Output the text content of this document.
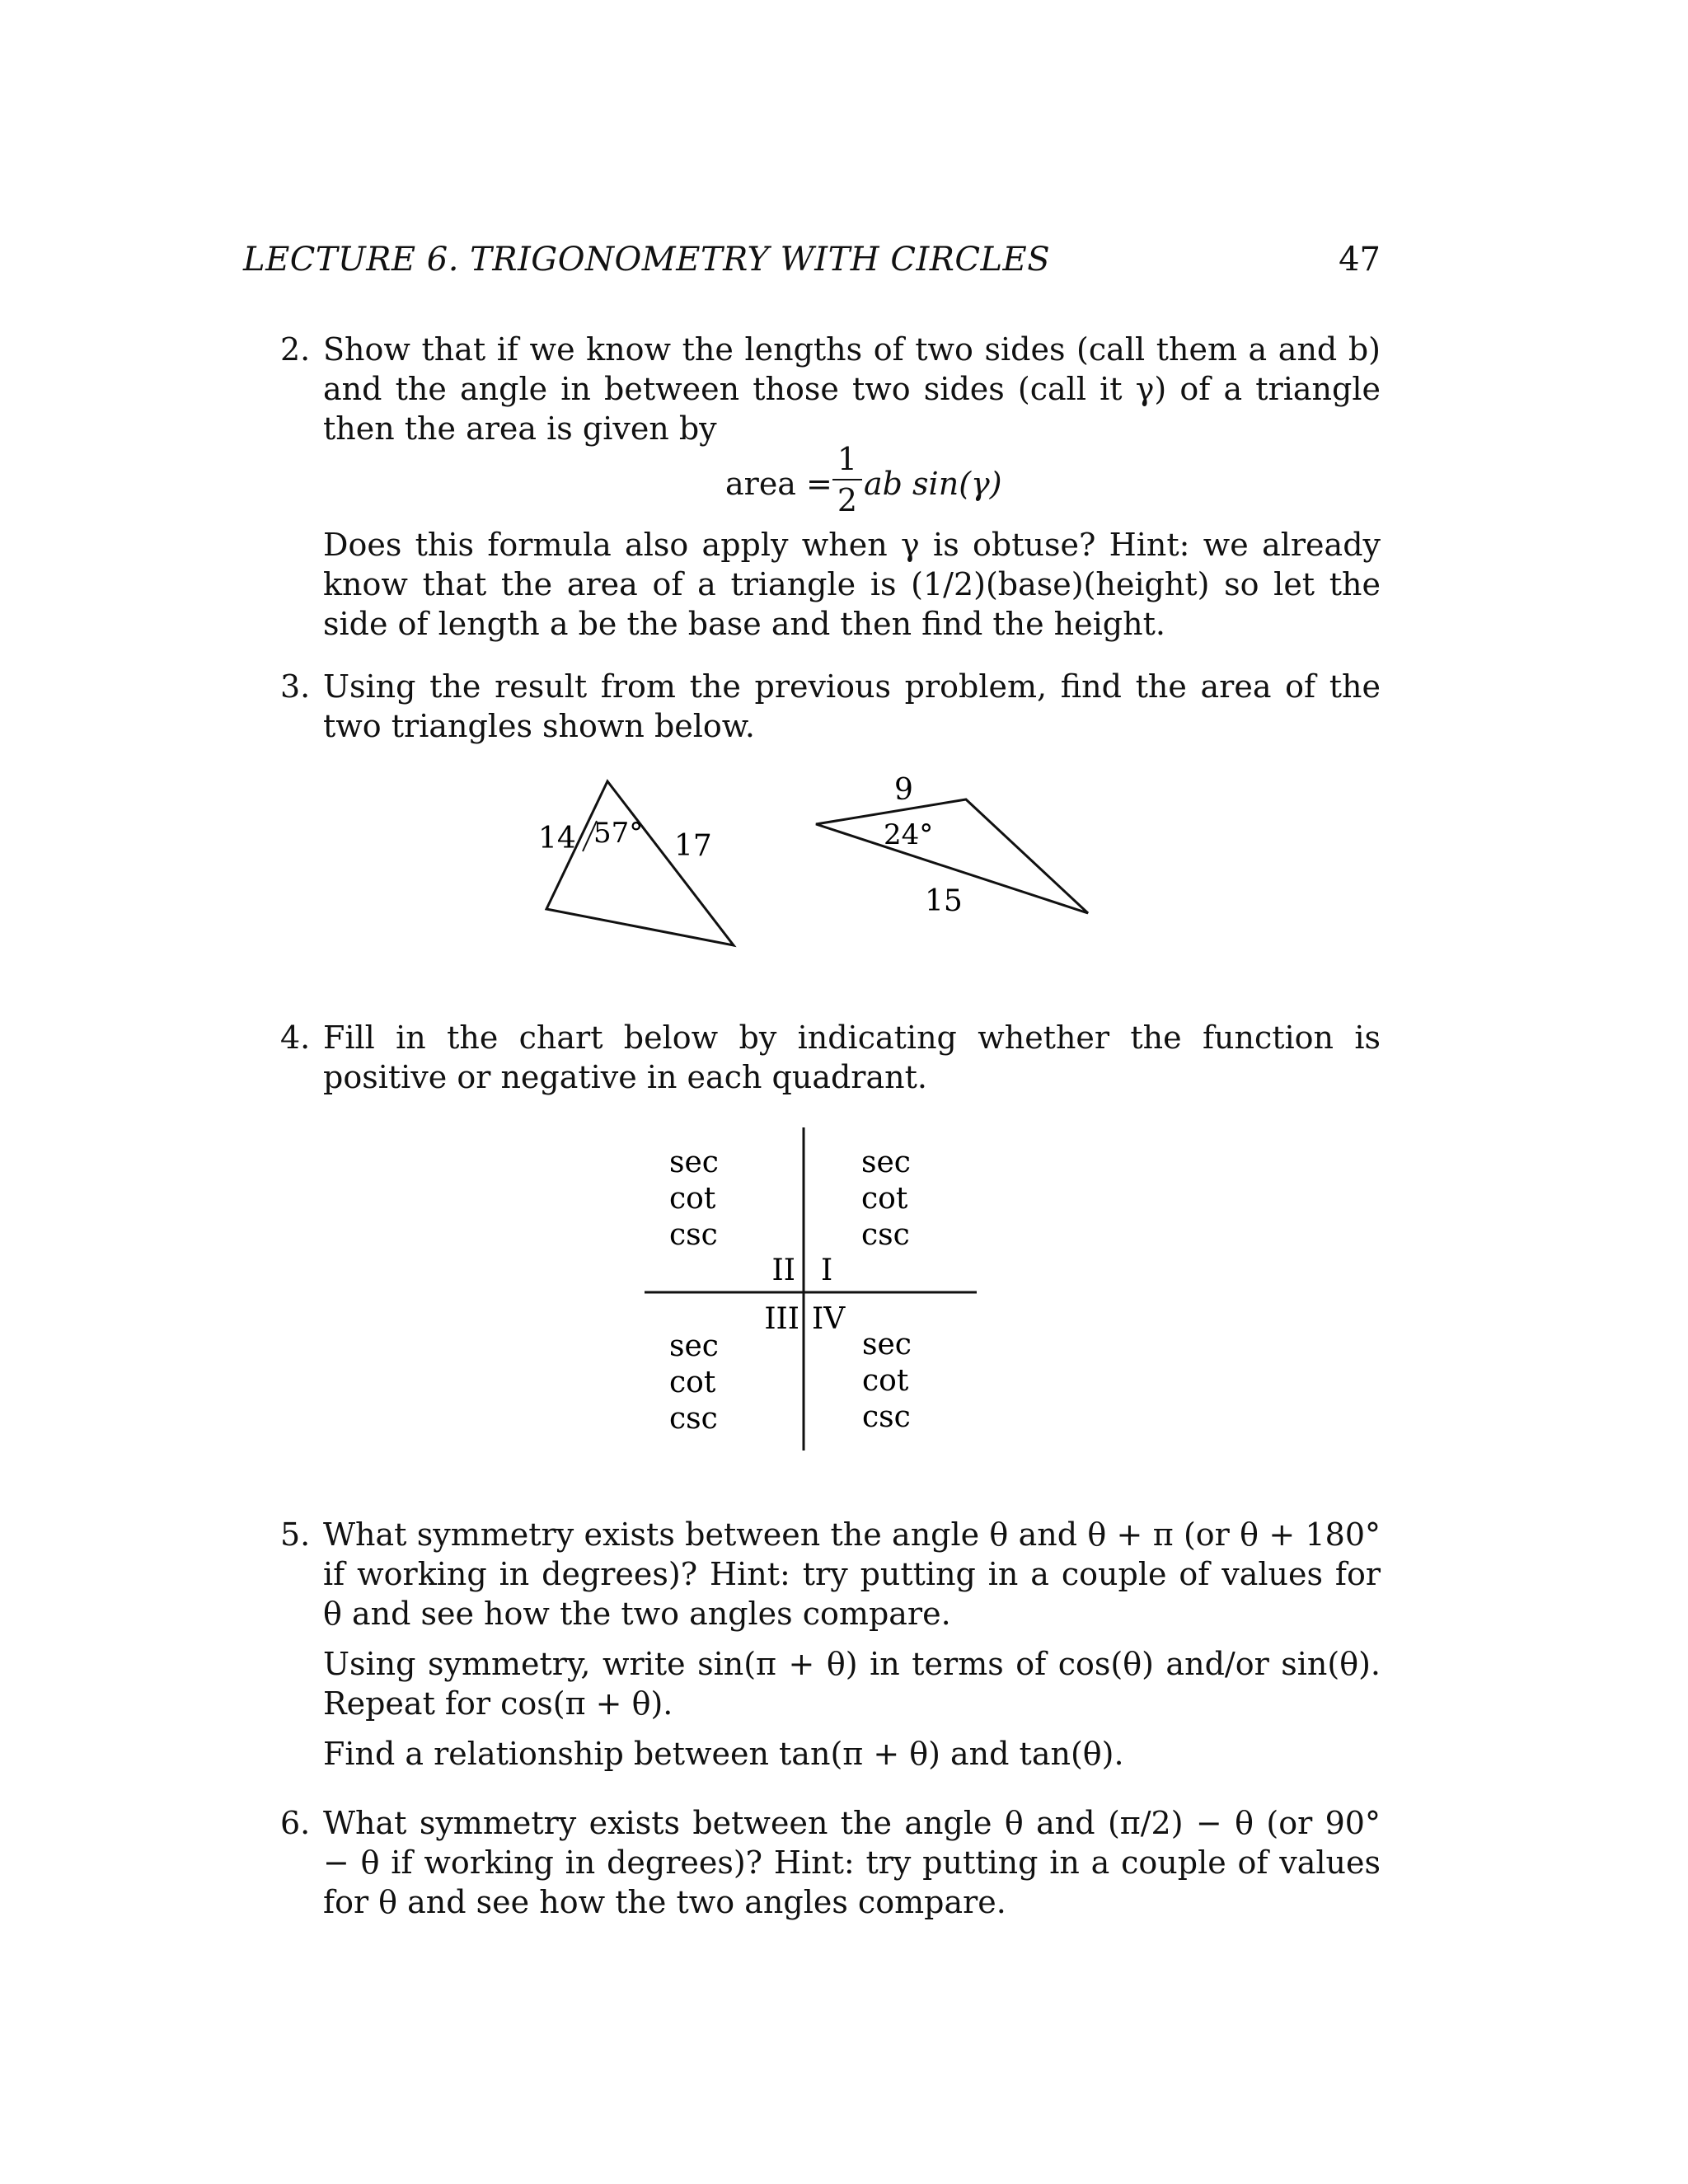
LECTURE 6. TRIGONOMETRY WITH CIRCLES	47
2. Show that if we know the lengths of two sides (call them a and b) and the angle in between those two sides (call it γ) of a triangle then the area is given by
area =
1
2 ab sin(γ)
Does this formula also apply when γ is obtuse? Hint: we already know that the area of a triangle is (1/2)(base)(height) so let the side of length a be the base and then find the height.
3. Using the result from the previous problem, find the area of the two triangles shown below.
14 57° 17
9
24°
15
sec
cot
csc
sec
cot
csc
sec
cot
csc
sec
cot
csc
II I
III IV
4. Fill in the chart below by indicating whether the function is positive or negative in each quadrant.
5. What symmetry exists between the angle θ and θ + π (or θ + 180° if working in degrees)? Hint: try putting in a couple of values for θ and see how the two angles compare.
Using symmetry, write sin(π + θ) in terms of cos(θ) and/or sin(θ). Repeat for cos(π + θ).
Find a relationship between tan(π + θ) and tan(θ).
6. What symmetry exists between the angle θ and (π/2) − θ (or 90° − θ if working in degrees)? Hint: try putting in a couple of values for θ and see how the two angles compare.
